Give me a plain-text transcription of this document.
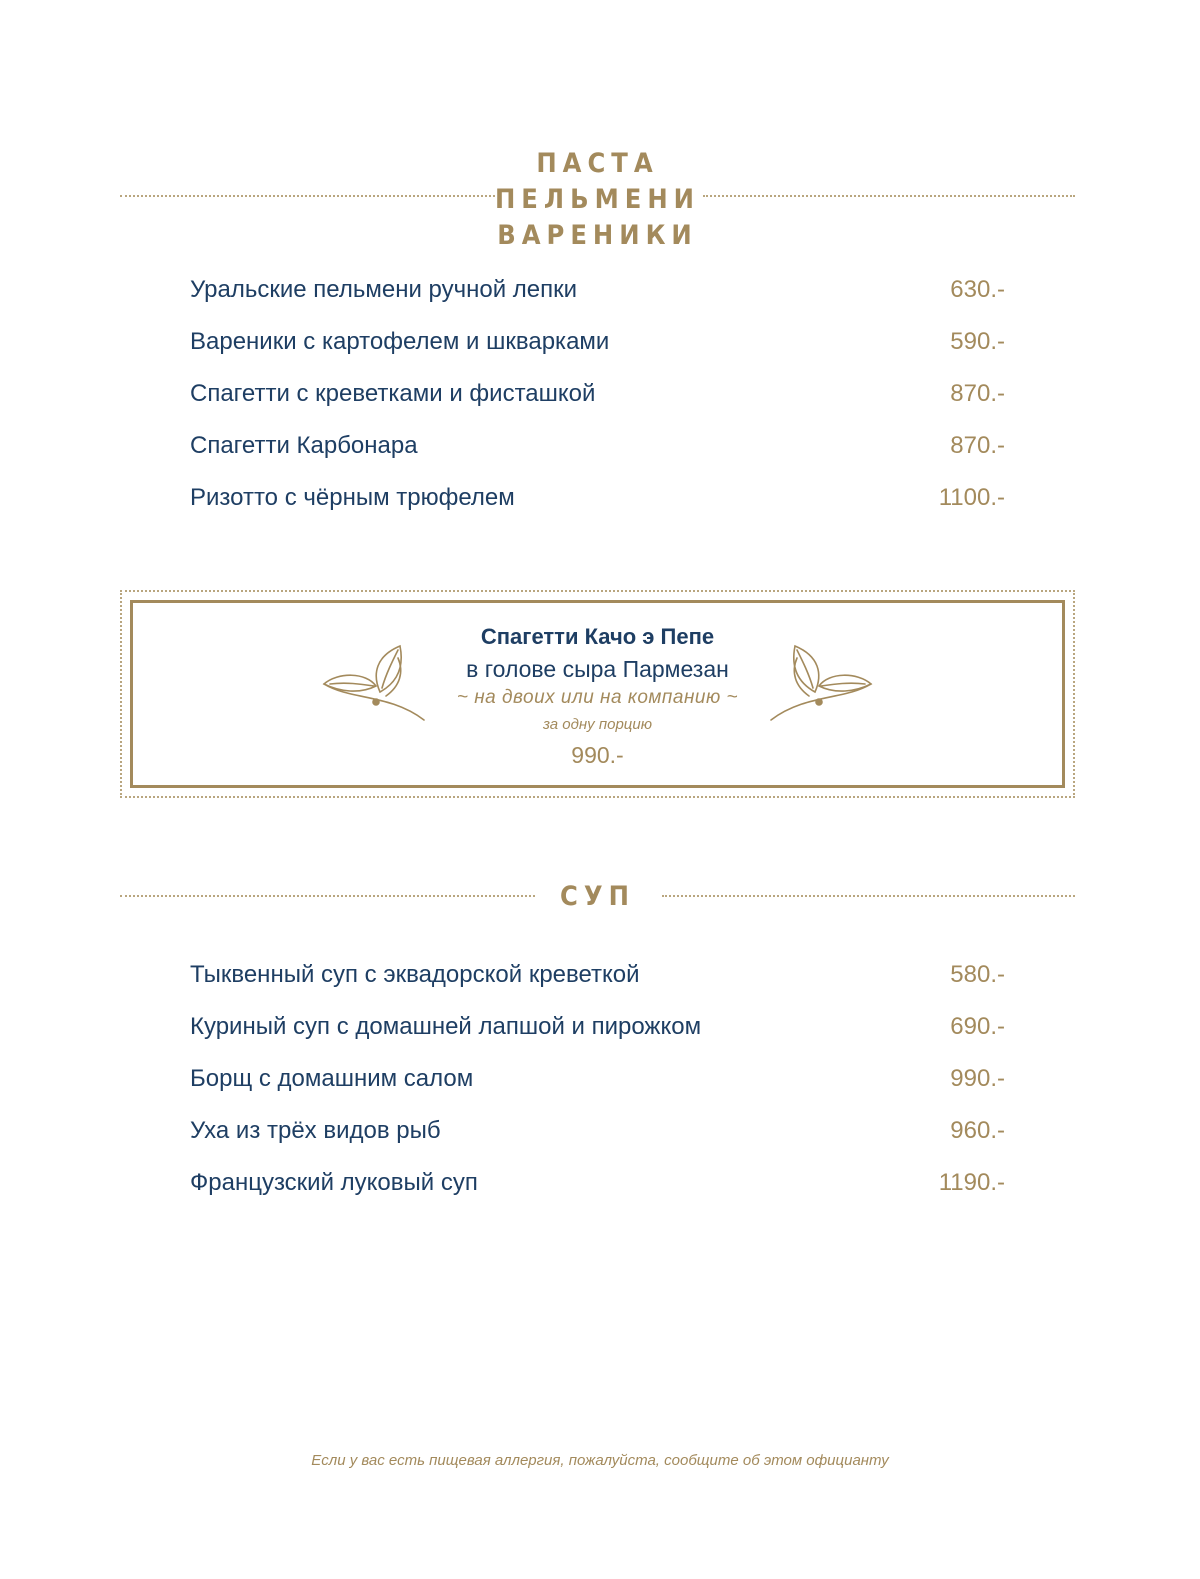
ПАСТА
ПЕЛЬМЕНИ
ВАРЕНИКИ
Уральские пельмени ручной лепки	630.-
Вареники с картофелем и шкварками	590.-
Спагетти с креветками и фисташкой	870.-
Спагетти Карбонара	870.-
Ризотто с чёрным трюфелем	1100.-
Спагетти Качо э Пепе
в голове сыра Пармезан
~ на двоих или на компанию ~
за одну порцию
990.-
СУП
Тыквенный суп с эквадорской креветкой	580.-
Куриный суп с домашней лапшой и пирожком	690.-
Борщ с домашним салом	990.-
Уха из трёх видов рыб	960.-
Французский луковый суп	1190.-
Если у вас есть пищевая аллергия, пожалуйста, сообщите об этом официанту
